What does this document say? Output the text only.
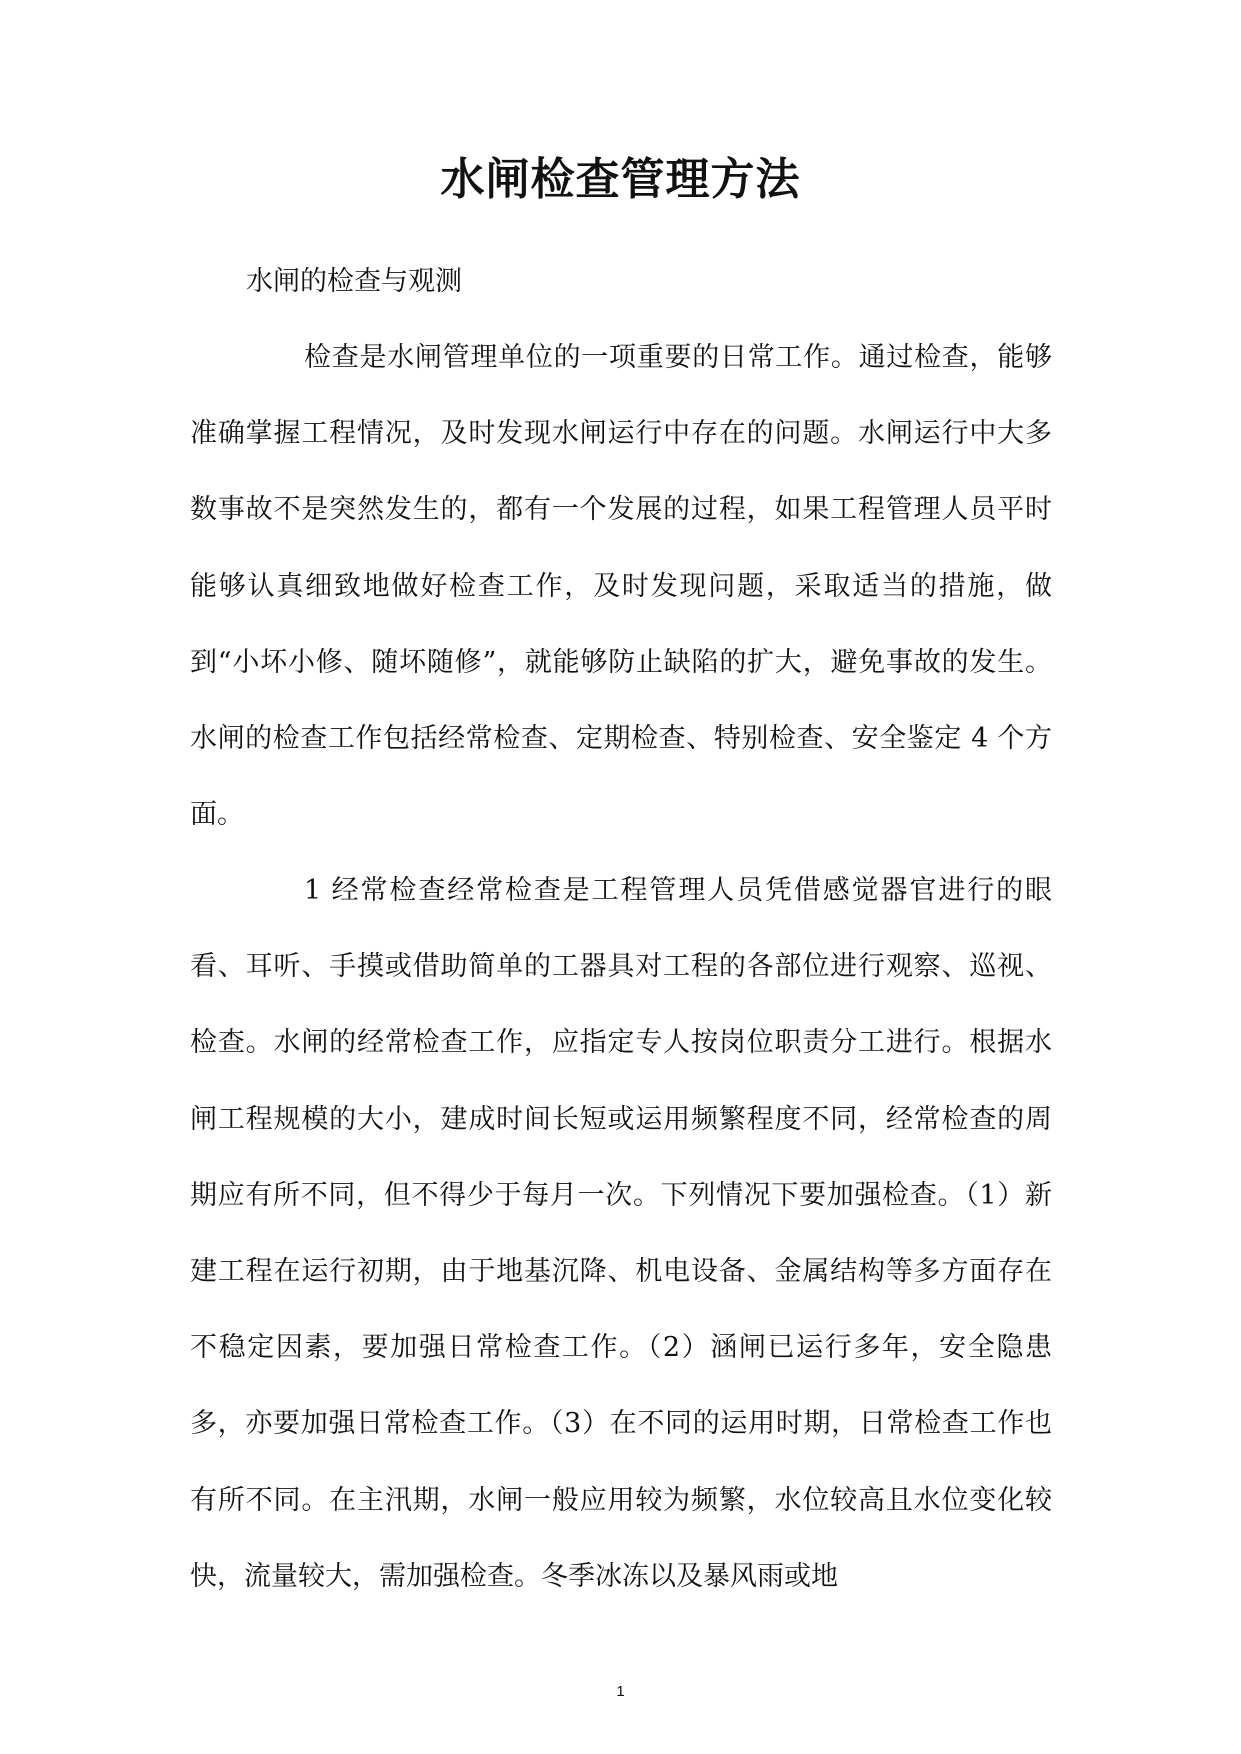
水闸检查管理方法

水闸的检查与观测

检查是水闸管理单位的一项重要的日常工作。通过检查，能够准确掌握工程情况，及时发现水闸运行中存在的问题。水闸运行中大多数事故不是突然发生的，都有一个发展的过程，如果工程管理人员平时能够认真细致地做好检查工作，及时发现问题，采取适当的措施，做到“小坏小修、随坏随修”，就能够防止缺陷的扩大，避免事故的发生。水闸的检查工作包括经常检查、定期检查、特别检查、安全鉴定 4 个方面。

1 经常检查经常检查是工程管理人员凭借感觉器官进行的眼看、耳听、手摸或借助简单的工器具对工程的各部位进行观察、巡视、检查。水闸的经常检查工作，应指定专人按岗位职责分工进行。根据水闸工程规模的大小，建成时间长短或运用频繁程度不同，经常检查的周期应有所不同，但不得少于每月一次。下列情况下要加强检查。（1）新建工程在运行初期，由于地基沉降、机电设备、金属结构等多方面存在不稳定因素，要加强日常检查工作。（2）涵闸已运行多年，安全隐患多，亦要加强日常检查工作。（3）在不同的运用时期，日常检查工作也有所不同。在主汛期，水闸一般应用较为频繁，水位较高且水位变化较快，流量较大，需加强检查。冬季冰冻以及暴风雨或地

1
